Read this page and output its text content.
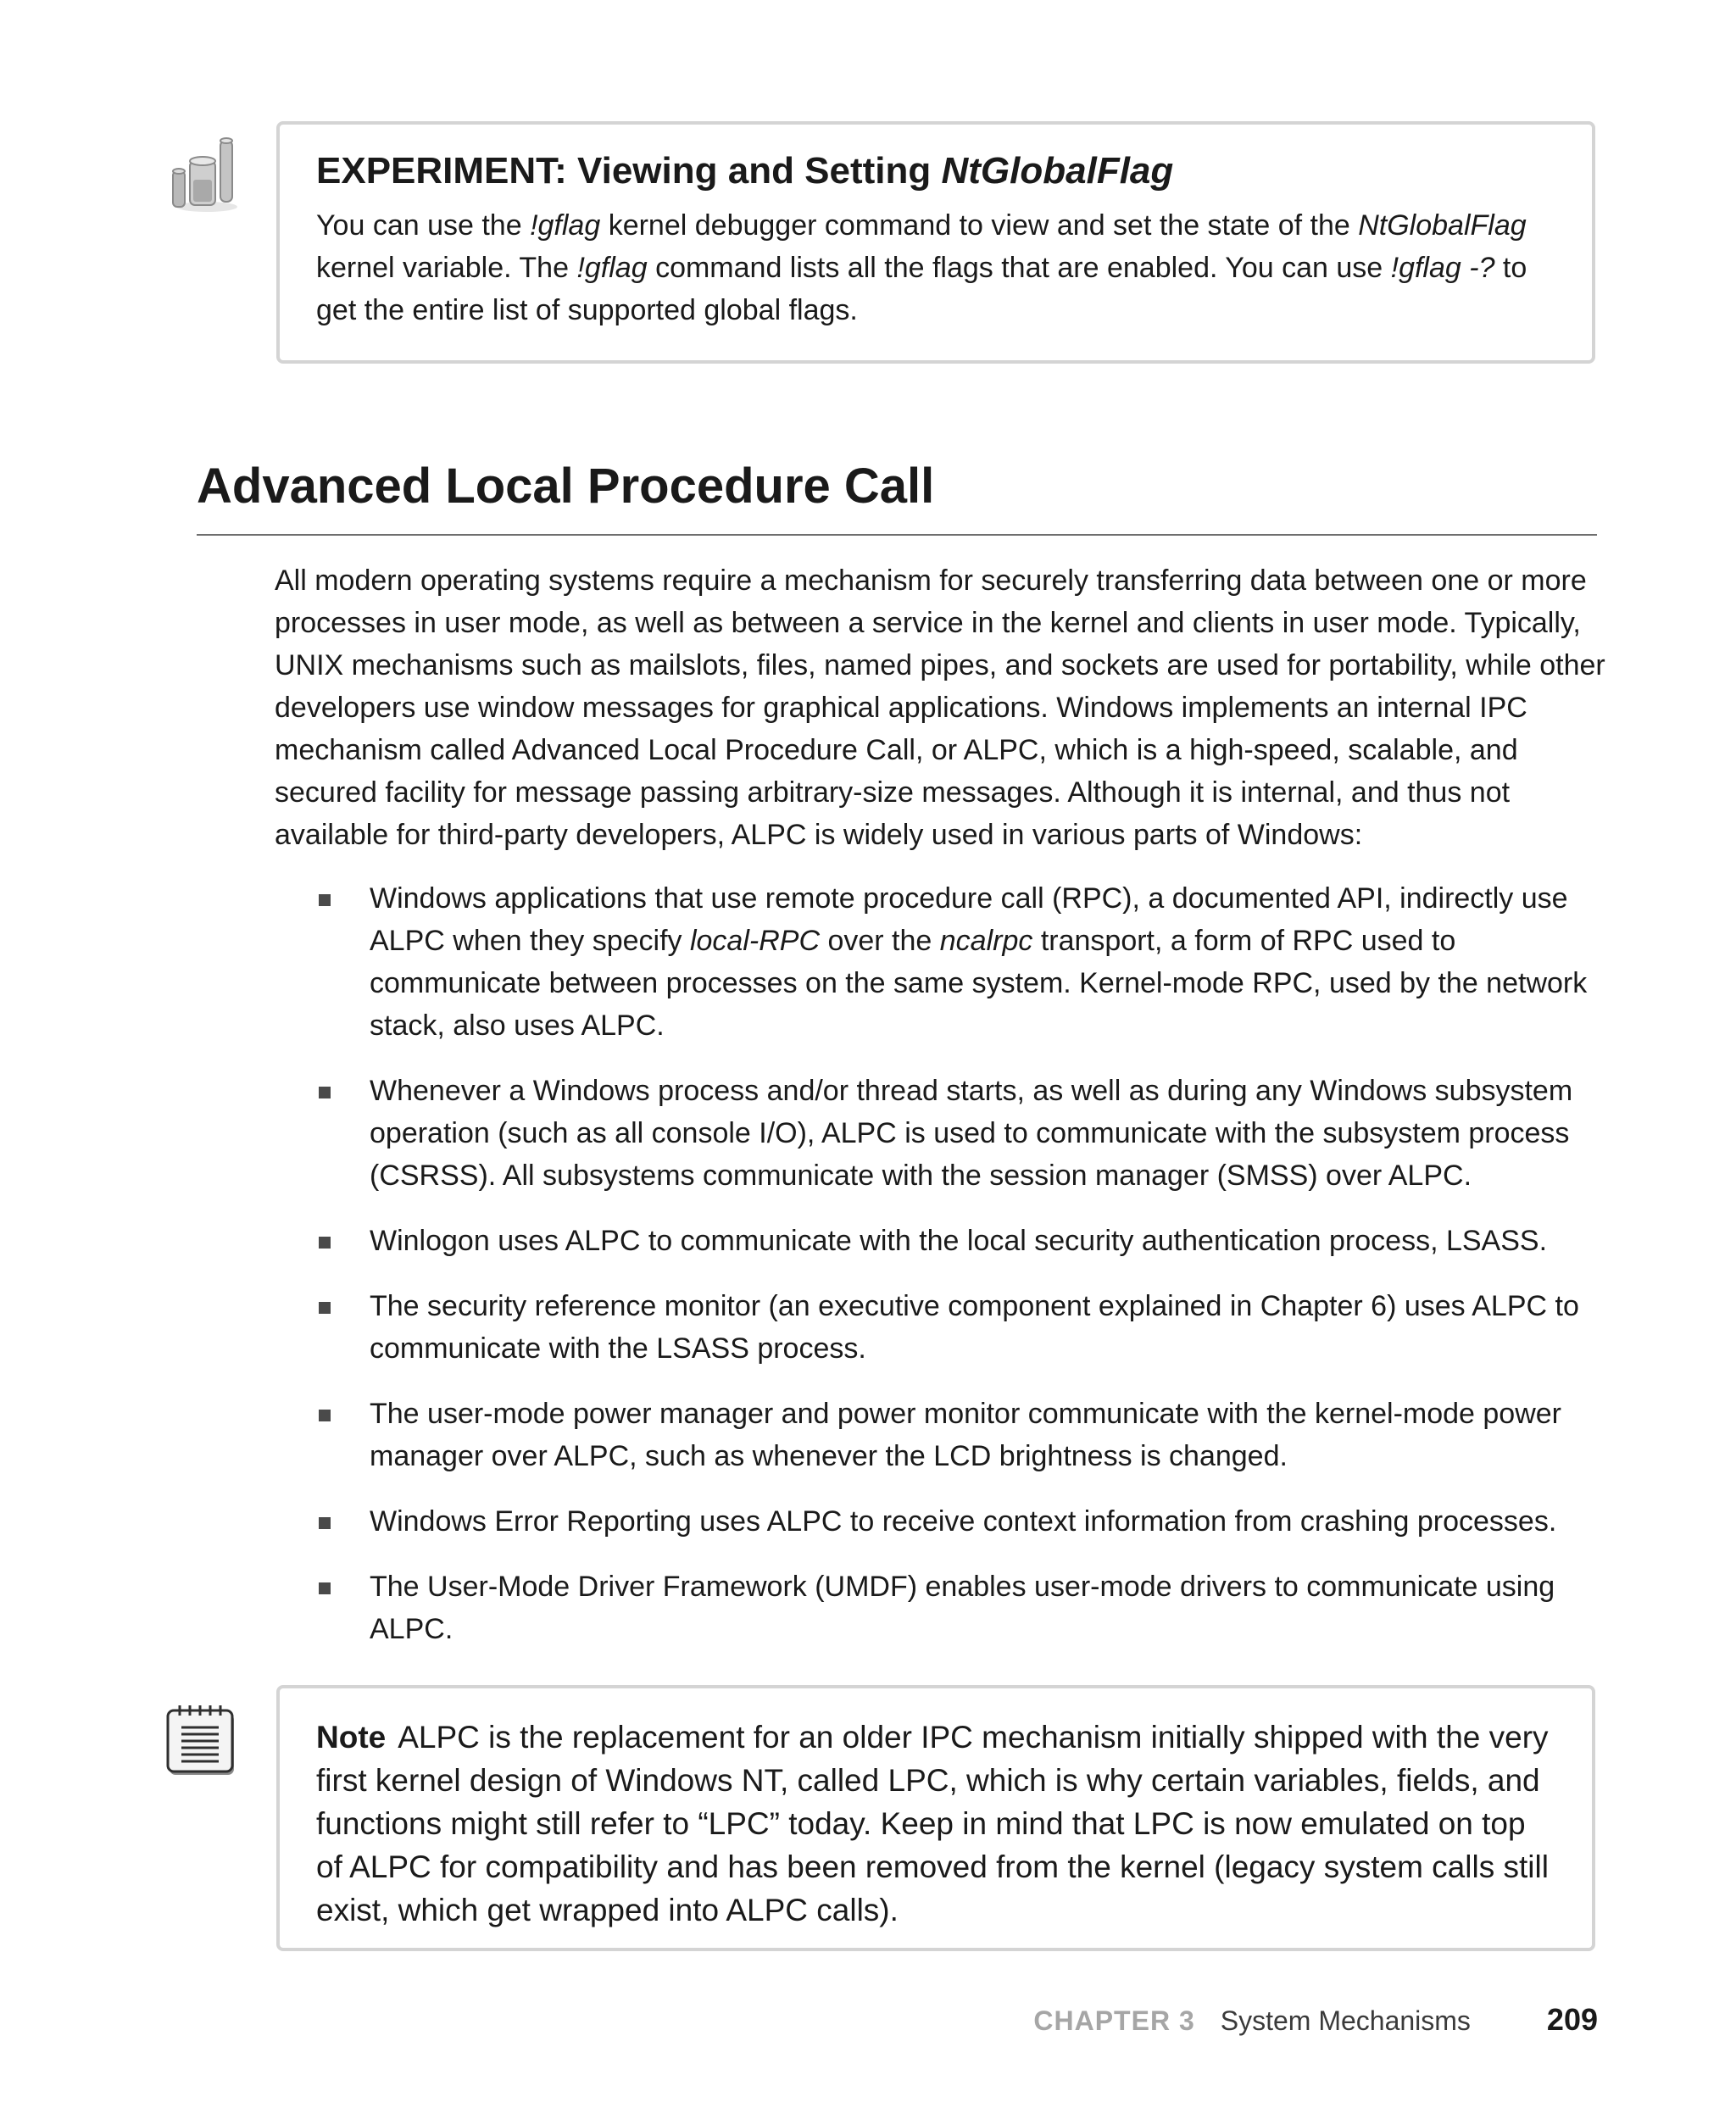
EXPERIMENT: Viewing and Setting NtGlobalFlag

You can use the !gflag kernel debugger command to view and set the state of the NtGlobalFlag kernel variable. The !gflag command lists all the flags that are enabled. You can use !gflag -? to get the entire list of supported global flags.

Advanced Local Procedure Call

All modern operating systems require a mechanism for securely transferring data between one or more processes in user mode, as well as between a service in the kernel and clients in user mode. Typically, UNIX mechanisms such as mailslots, files, named pipes, and sockets are used for portability, while other developers use window messages for graphical applications. Windows implements an internal IPC mechanism called Advanced Local Procedure Call, or ALPC, which is a high-speed, scalable, and secured facility for message passing arbitrary-size messages. Although it is internal, and thus not available for third-party developers, ALPC is widely used in various parts of Windows:

Windows applications that use remote procedure call (RPC), a documented API, indirectly use ALPC when they specify local-RPC over the ncalrpc transport, a form of RPC used to communicate between processes on the same system. Kernel-mode RPC, used by the network stack, also uses ALPC.
Whenever a Windows process and/or thread starts, as well as during any Windows subsystem operation (such as all console I/O), ALPC is used to communicate with the subsystem process (CSRSS). All subsystems communicate with the session manager (SMSS) over ALPC.
Winlogon uses ALPC to communicate with the local security authentication process, LSASS.
The security reference monitor (an executive component explained in Chapter 6) uses ALPC to communicate with the LSASS process.
The user-mode power manager and power monitor communicate with the kernel-mode power manager over ALPC, such as whenever the LCD brightness is changed.
Windows Error Reporting uses ALPC to receive context information from crashing processes.
The User-Mode Driver Framework (UMDF) enables user-mode drivers to communicate using ALPC.

Note ALPC is the replacement for an older IPC mechanism initially shipped with the very first kernel design of Windows NT, called LPC, which is why certain variables, fields, and functions might still refer to “LPC” today. Keep in mind that LPC is now emulated on top of ALPC for compatibility and has been removed from the kernel (legacy system calls still exist, which get wrapped into ALPC calls).

CHAPTER 3 System Mechanisms	209
